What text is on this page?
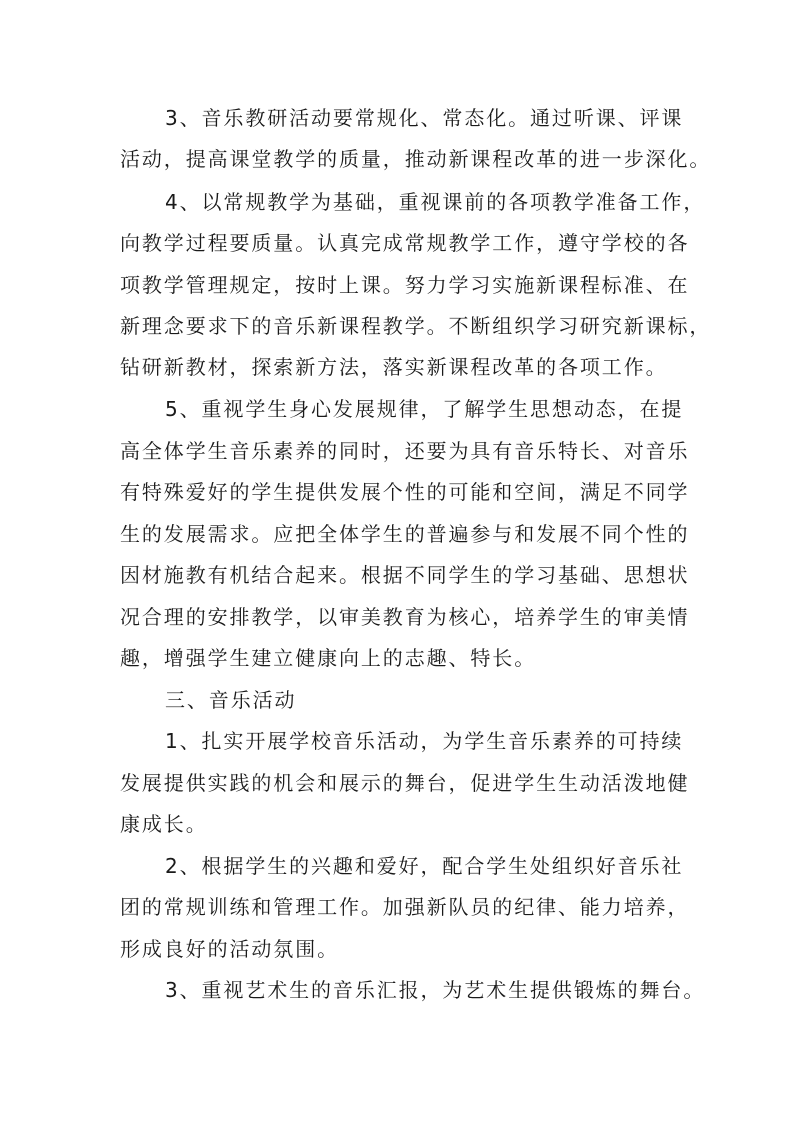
3、音乐教研活动要常规化、常态化。通过听课、评课
活动，提高课堂教学的质量，推动新课程改革的进一步深化。
4、以常规教学为基础，重视课前的各项教学准备工作，
向教学过程要质量。认真完成常规教学工作，遵守学校的各
项教学管理规定，按时上课。努力学习实施新课程标准、在
新理念要求下的音乐新课程教学。不断组织学习研究新课标，
钻研新教材，探索新方法，落实新课程改革的各项工作。
5、重视学生身心发展规律，了解学生思想动态，在提
高全体学生音乐素养的同时，还要为具有音乐特长、对音乐
有特殊爱好的学生提供发展个性的可能和空间，满足不同学
生的发展需求。应把全体学生的普遍参与和发展不同个性的
因材施教有机结合起来。根据不同学生的学习基础、思想状
况合理的安排教学，以审美教育为核心，培养学生的审美情
趣，增强学生建立健康向上的志趣、特长。
三、音乐活动
1、扎实开展学校音乐活动，为学生音乐素养的可持续
发展提供实践的机会和展示的舞台，促进学生生动活泼地健
康成长。
2、根据学生的兴趣和爱好，配合学生处组织好音乐社
团的常规训练和管理工作。加强新队员的纪律、能力培养，
形成良好的活动氛围。
3、重视艺术生的音乐汇报，为艺术生提供锻炼的舞台。
